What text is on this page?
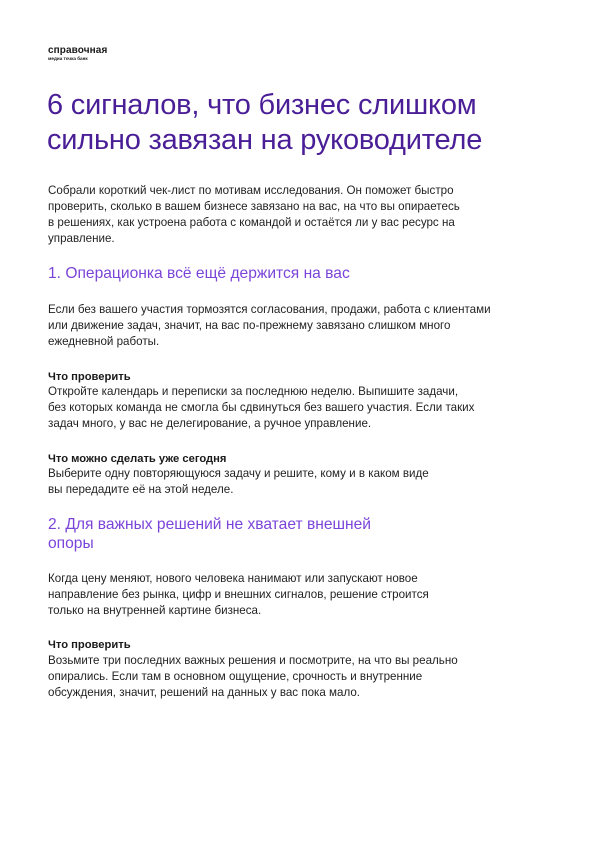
справочная
медиа точка банк
6 сигналов, что бизнес слишком
сильно завязан на руководителе

Собрали короткий чек-лист по мотивам исследования. Он поможет быстро
проверить, сколько в вашем бизнесе завязано на вас, на что вы опираетесь
в решениях, как устроена работа с командой и остаётся ли у вас ресурс на
управление.

1. Операционка всё ещё держится на вас

Если без вашего участия тормозятся согласования, продажи, работа с клиентами
или движение задач, значит, на вас по-прежнему завязано слишком много
ежедневной работы.

Что проверить

Откройте календарь и переписки за последнюю неделю. Выпишите задачи,
без которых команда не смогла бы сдвинуться без вашего участия. Если таких
задач много, у вас не делегирование, а ручное управление.

Что можно сделать уже сегодня

Выберите одну повторяющуюся задачу и решите, кому и в каком виде
вы передадите её на этой неделе.

2. Для важных решений не хватает внешней
опоры

Когда цену меняют, нового человека нанимают или запускают новое
направление без рынка, цифр и внешних сигналов, решение строится
только на внутренней картине бизнеса.

Что проверить

Возьмите три последних важных решения и посмотрите, на что вы реально
опирались. Если там в основном ощущение, срочность и внутренние
обсуждения, значит, решений на данных у вас пока мало.
